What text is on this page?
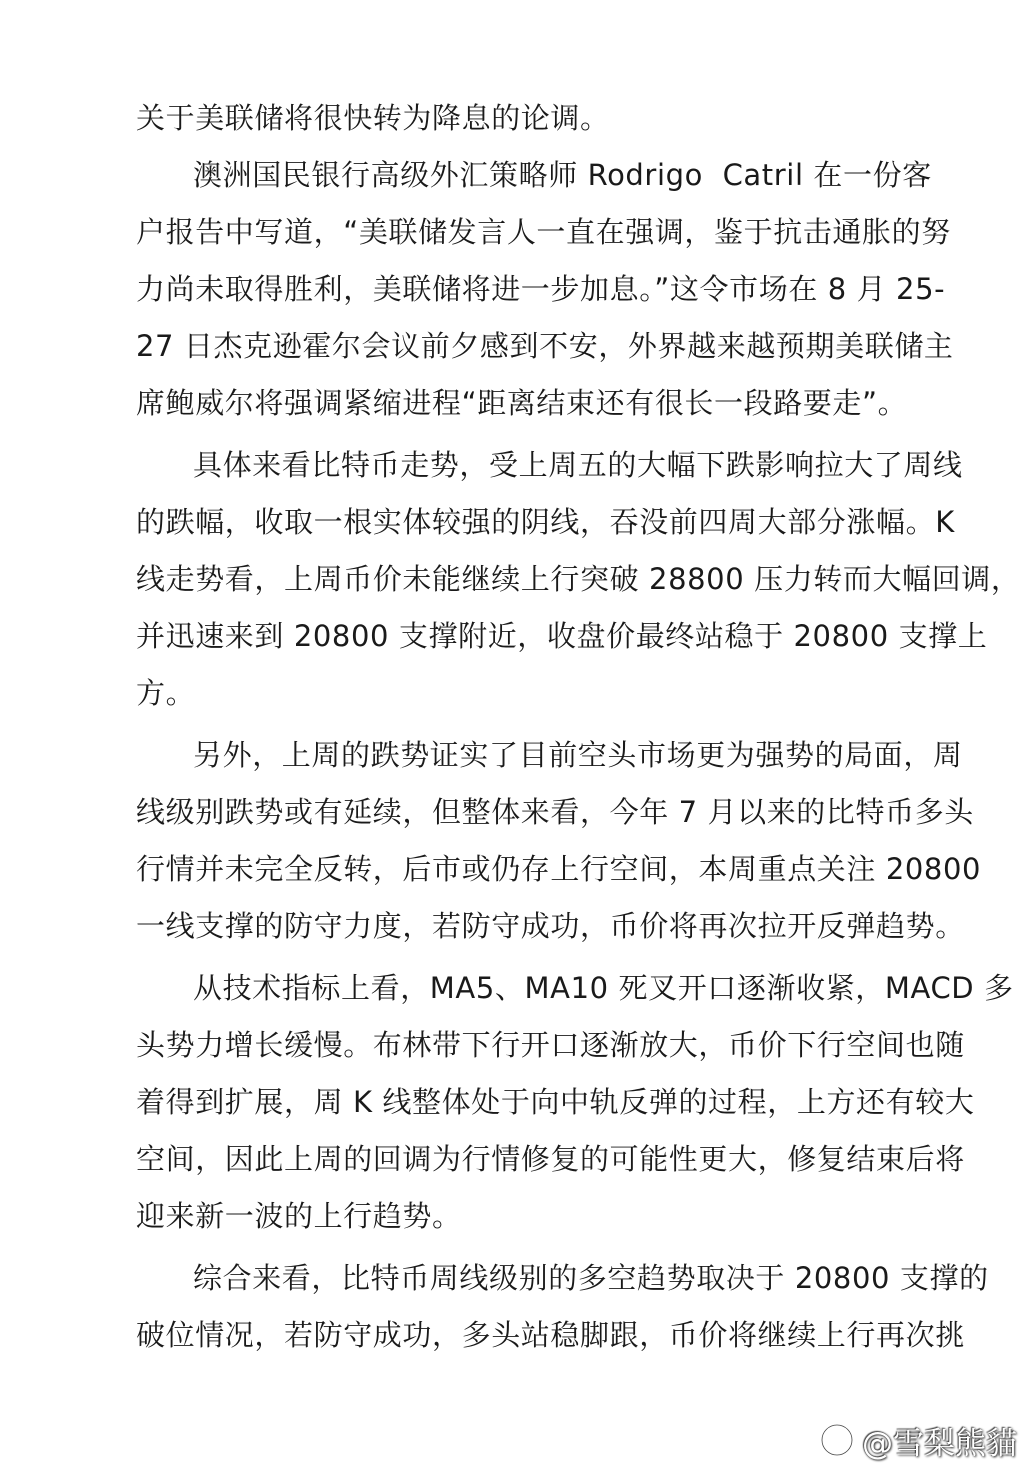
关于美联储将很快转为降息的论调。
澳洲国民银行高级外汇策略师 Rodrigo  Catril 在一份客
户报告中写道，“美联储发言人一直在强调，鉴于抗击通胀的努
力尚未取得胜利，美联储将进一步加息。”这令市场在 8 月 25-
27 日杰克逊霍尔会议前夕感到不安，外界越来越预期美联储主
席鲍威尔将强调紧缩进程“距离结束还有很长一段路要走”。
具体来看比特币走势，受上周五的大幅下跌影响拉大了周线
的跌幅，收取一根实体较强的阴线，吞没前四周大部分涨幅。K
线走势看，上周币价未能继续上行突破 28800 压力转而大幅回调，
并迅速来到 20800 支撑附近，收盘价最终站稳于 20800 支撑上
方。
另外，上周的跌势证实了目前空头市场更为强势的局面，周
线级别跌势或有延续，但整体来看，今年 7 月以来的比特币多头
行情并未完全反转，后市或仍存上行空间，本周重点关注 20800
一线支撑的防守力度，若防守成功，币价将再次拉开反弹趋势。
从技术指标上看，MA5、MA10 死叉开口逐渐收紧，MACD 多
头势力增长缓慢。布林带下行开口逐渐放大，币价下行空间也随
着得到扩展，周 K 线整体处于向中轨反弹的过程，上方还有较大
空间，因此上周的回调为行情修复的可能性更大，修复结束后将
迎来新一波的上行趋势。
综合来看，比特币周线级别的多空趋势取决于 20800 支撑的
破位情况，若防守成功，多头站稳脚跟，币价将继续上行再次挑
@雪梨熊貓
